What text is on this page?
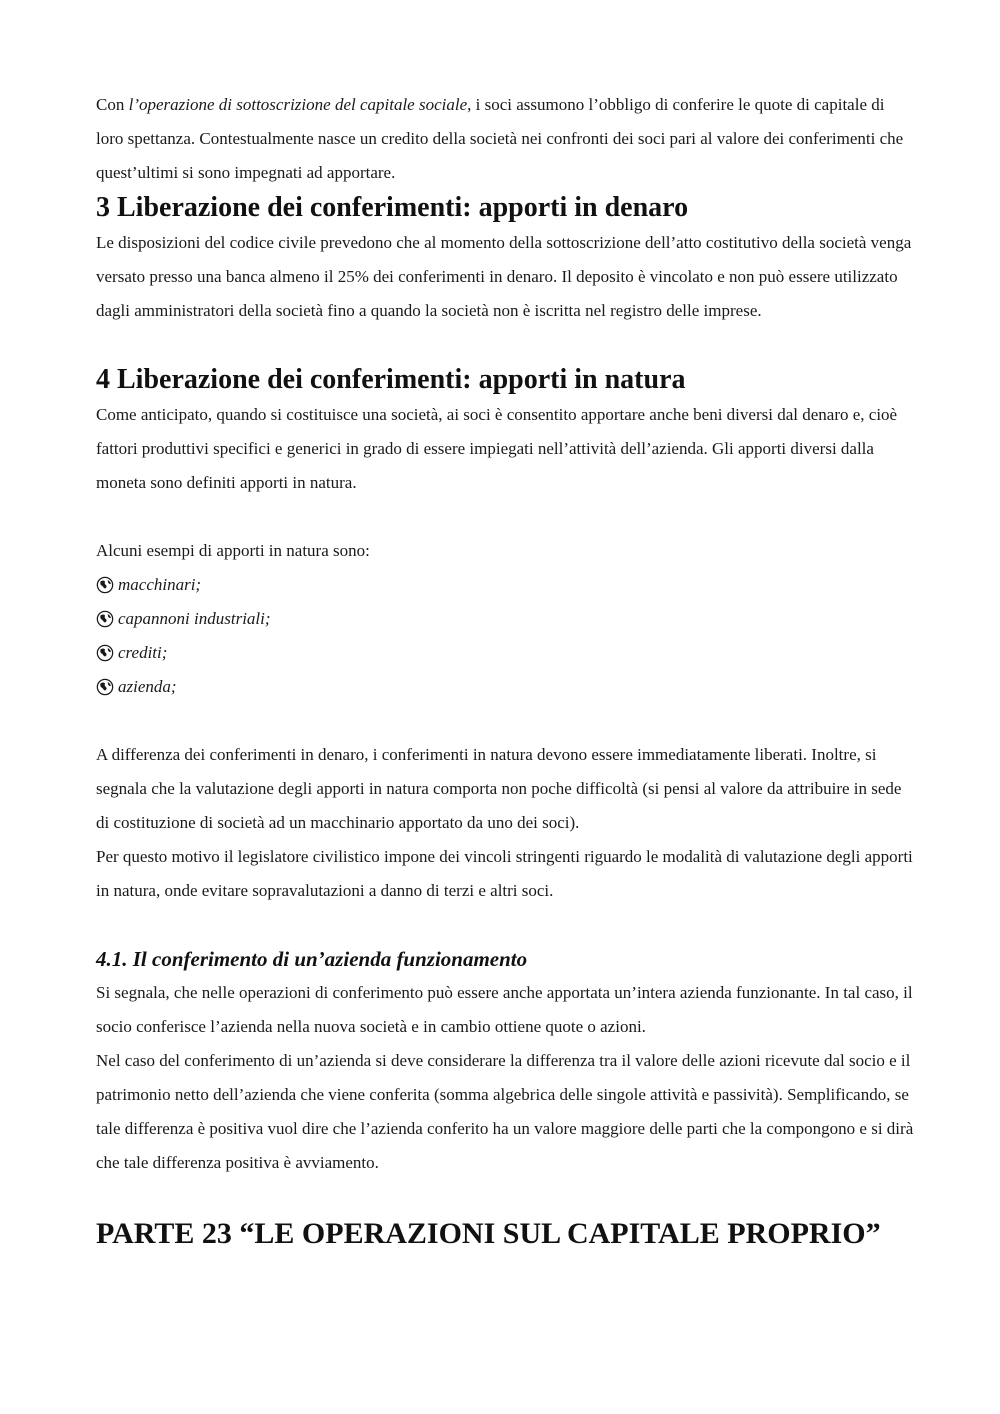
Con l’operazione di sottoscrizione del capitale sociale, i soci assumono l’obbligo di conferire le quote di capitale di loro spettanza. Contestualmente nasce un credito della società nei confronti dei soci pari al valore dei conferimenti che quest’ultimi si sono impegnati ad apportare.

3 Liberazione dei conferimenti: apporti in denaro

Le disposizioni del codice civile prevedono che al momento della sottoscrizione dell’atto costitutivo della società venga versato presso una banca almeno il 25% dei conferimenti in denaro. Il deposito è vincolato e non può essere utilizzato dagli amministratori della società fino a quando la società non è iscritta nel registro delle imprese.

4 Liberazione dei conferimenti: apporti in natura

Come anticipato, quando si costituisce una società, ai soci è consentito apportare anche beni diversi dal denaro e, cioè fattori produttivi specifici e generici in grado di essere impiegati nell’attività dell’azienda. Gli apporti diversi dalla moneta sono definiti apporti in natura.

Alcuni esempi di apporti in natura sono:

macchinari;
capannoni industriali;
crediti;
azienda;

A differenza dei conferimenti in denaro, i conferimenti in natura devono essere immediatamente liberati. Inoltre, si segnala che la valutazione degli apporti in natura comporta non poche difficoltà (si pensi al valore da attribuire in sede di costituzione di società ad un macchinario apportato da uno dei soci).

Per questo motivo il legislatore civilistico impone dei vincoli stringenti riguardo le modalità di valutazione degli apporti in natura, onde evitare sopravalutazioni a danno di terzi e altri soci.

4.1. Il conferimento di un’azienda funzionamento

Si segnala, che nelle operazioni di conferimento può essere anche apportata un’intera azienda funzionante. In tal caso, il socio conferisce l’azienda nella nuova società e in cambio ottiene quote o azioni.

Nel caso del conferimento di un’azienda si deve considerare la differenza tra il valore delle azioni ricevute dal socio e il patrimonio netto dell’azienda che viene conferita (somma algebrica delle singole attività e passività). Semplificando, se tale differenza è positiva vuol dire che l’azienda conferito ha un valore maggiore delle parti che la compongono e si dirà che tale differenza positiva è avviamento.

PARTE 23 “LE OPERAZIONI SUL CAPITALE PROPRIO”
